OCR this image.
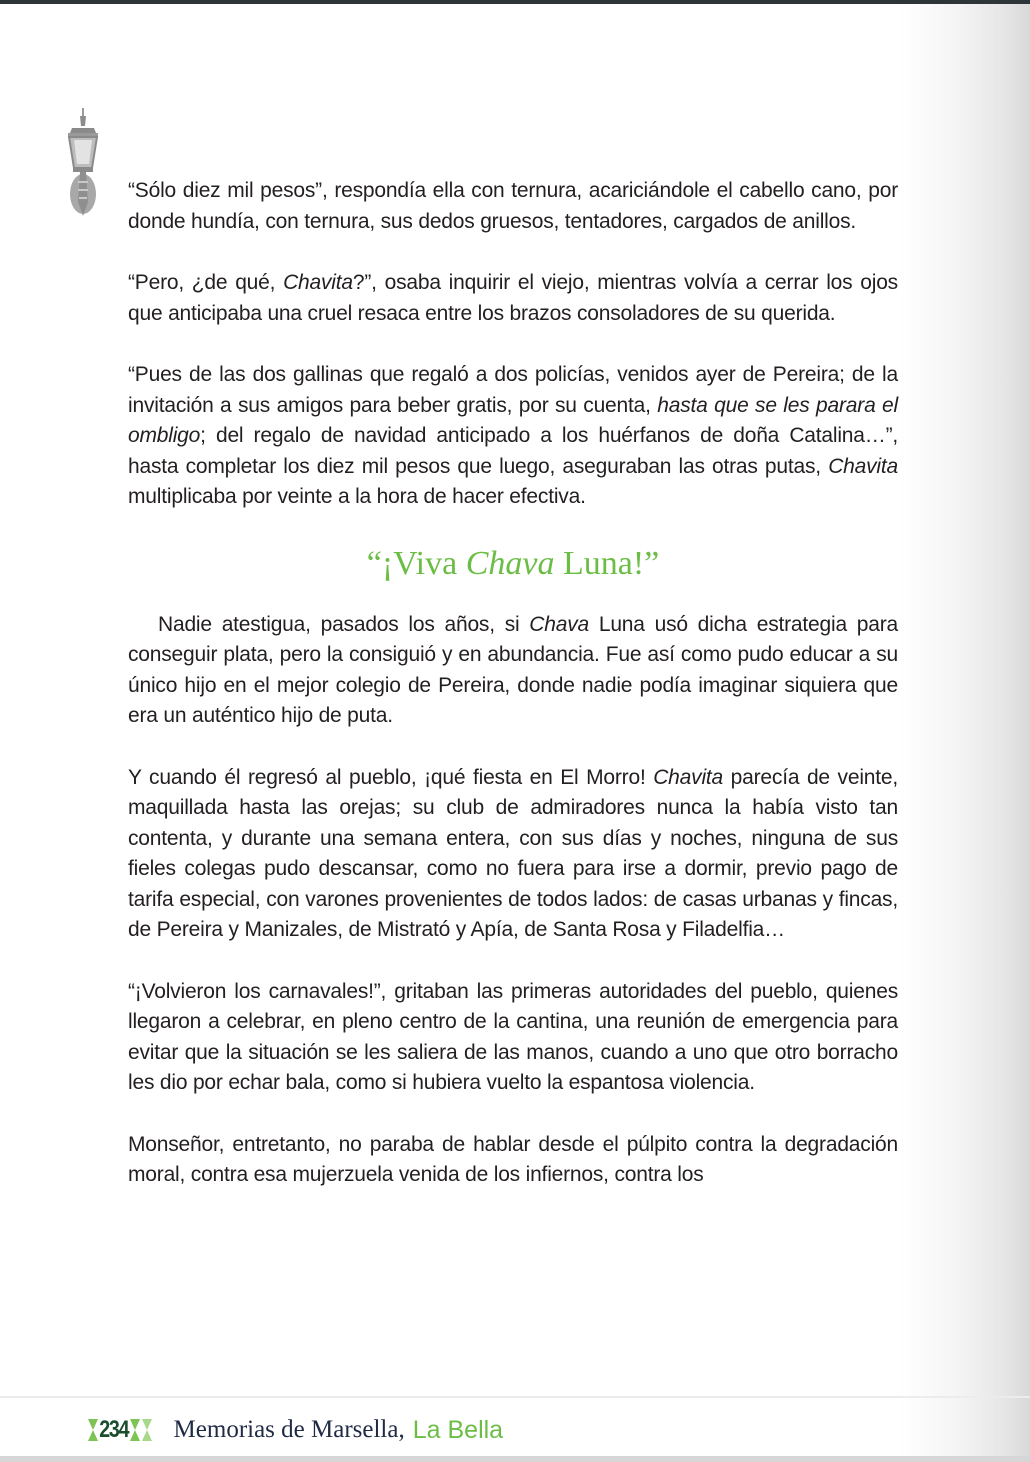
“Sólo diez mil pesos”, respondía ella con ternura, acariciándole el cabello cano, por donde hundía, con ternura, sus dedos gruesos, tentadores, cargados de anillos.

“Pero, ¿de qué, Chavita?”, osaba inquirir el viejo, mientras volvía a cerrar los ojos que anticipaba una cruel resaca entre los brazos consoladores de su querida.

“Pues de las dos gallinas que regaló a dos policías, venidos ayer de Pereira; de la invitación a sus amigos para beber gratis, por su cuenta, hasta que se les parara el ombligo; del regalo de navidad anticipado a los huérfanos de doña Catalina…”, hasta completar los diez mil pesos que luego, aseguraban las otras putas, Chavita multiplicaba por veinte a la hora de hacer efectiva.

“¡Viva Chava Luna!”

Nadie atestigua, pasados los años, si Chava Luna usó dicha estrategia para conseguir plata, pero la consiguió y en abundancia. Fue así como pudo educar a su único hijo en el mejor colegio de Pereira, donde nadie podía imaginar siquiera que era un auténtico hijo de puta.

Y cuando él regresó al pueblo, ¡qué fiesta en El Morro! Chavita parecía de veinte, maquillada hasta las orejas; su club de admiradores nunca la había visto tan contenta, y durante una semana entera, con sus días y noches, ninguna de sus fieles colegas pudo descansar, como no fuera para irse a dormir, previo pago de tarifa especial, con varones provenientes de todos lados: de casas urbanas y fincas, de Pereira y Manizales, de Mistrató y Apía, de Santa Rosa y Filadelfia…

“¡Volvieron los carnavales!”, gritaban las primeras autoridades del pueblo, quienes llegaron a celebrar, en pleno centro de la cantina, una reunión de emergencia para evitar que la situación se les saliera de las manos, cuando a uno que otro borracho les dio por echar bala, como si hubiera vuelto la espantosa violencia.

Monseñor, entretanto, no paraba de hablar desde el púlpito contra la degradación moral, contra esa mujerzuela venida de los infiernos, contra los

234 Memorias de Marsella, La Bella
